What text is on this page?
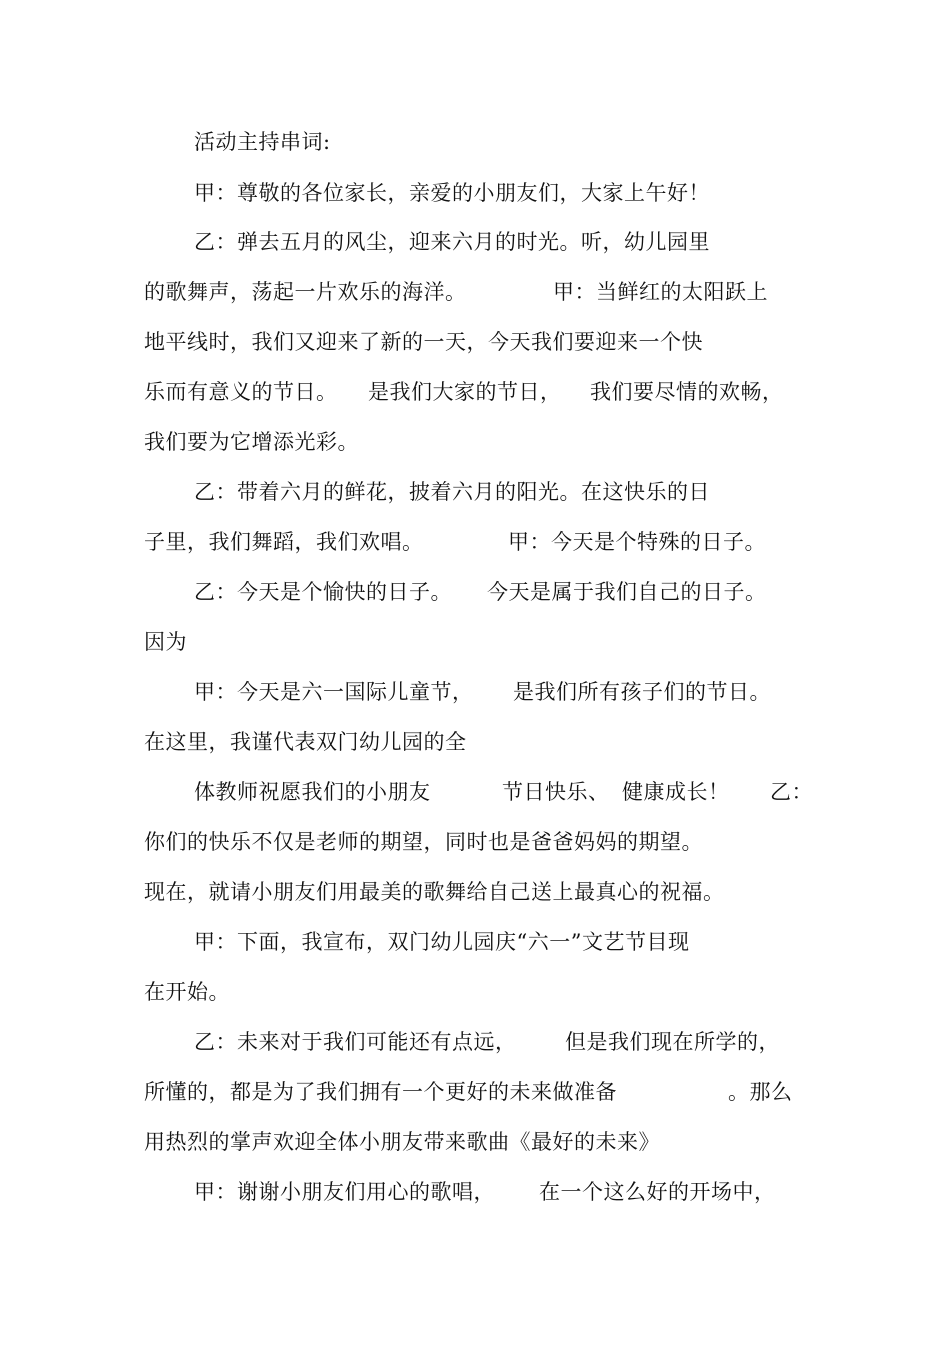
活动主持串词:

甲：尊敬的各位家长，亲爱的小朋友们，大家上午好！

乙：弹去五月的风尘，迎来六月的时光。听，幼儿园里

的歌舞声，荡起一片欢乐的海洋。	甲：当鲜红的太阳跃上

地平线时，我们又迎来了新的一天，今天我们要迎来一个快

乐而有意义的节日。 是我们大家的节日， 我们要尽情的欢畅，

我们要为它增添光彩。

乙：带着六月的鲜花，披着六月的阳光。在这快乐的日

子里，我们舞蹈，我们欢唱。	甲：今天是个特殊的日子。

乙：今天是个愉快的日子。 今天是属于我们自己的日子。

因为

甲：今天是六一国际儿童节， 是我们所有孩子们的节日。

在这里，我谨代表双门幼儿园的全

体教师祝愿我们的小朋友	节日快乐、 健康成长！ 乙：

你们的快乐不仅是老师的期望，同时也是爸爸妈妈的期望。

现在，就请小朋友们用最美的歌舞给自己送上最真心的祝福。

甲：下面，我宣布，双门幼儿园庆“六一”文艺节目现

在开始。

乙：未来对于我们可能还有点远， 但是我们现在所学的，

所懂的，都是为了我们拥有一个更好的未来做准备	。那么

用热烈的掌声欢迎全体小朋友带来歌曲《最好的未来》

甲：谢谢小朋友们用心的歌唱， 在一个这么好的开场中，
